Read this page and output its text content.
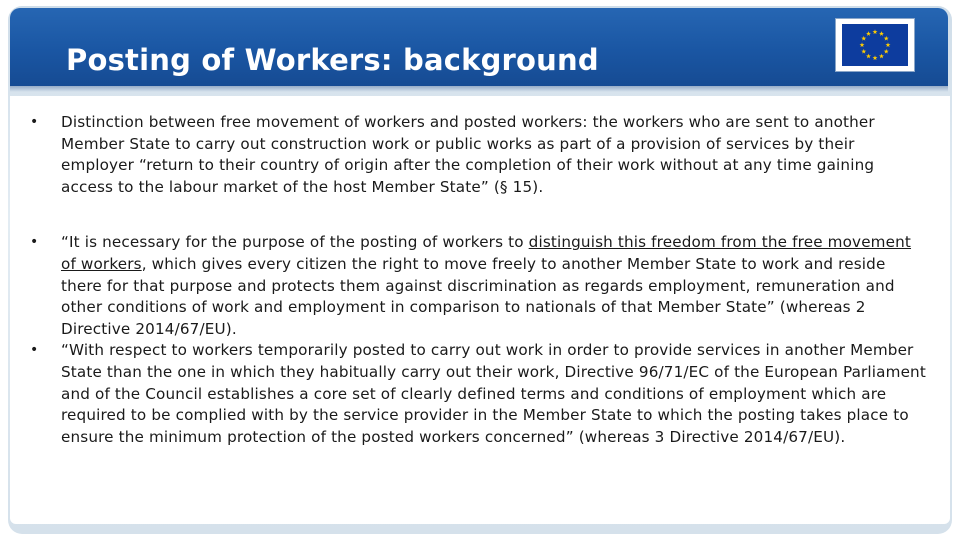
Posting of Workers: background
• Distinction between free movement of workers and posted workers: the workers who are sent to another Member State to carry out construction work or public works as part of a provision of services by their employer “return to their country of origin after the completion of their work without at any time gaining access to the labour market of the host Member State” (§ 15).
• “It is necessary for the purpose of the posting of workers to distinguish this freedom from the free movement of workers, which gives every citizen the right to move freely to another Member State to work and reside there for that purpose and protects them against discrimination as regards employment, remuneration and other conditions of work and employment in comparison to nationals of that Member State” (whereas 2 Directive 2014/67/EU).
• “With respect to workers temporarily posted to carry out work in order to provide services in another Member State than the one in which they habitually carry out their work, Directive 96/71/EC of the European Parliament and of the Council establishes a core set of clearly defined terms and conditions of employment which are required to be complied with by the service provider in the Member State to which the posting takes place to ensure the minimum protection of the posted workers concerned” (whereas 3 Directive 2014/67/EU).
